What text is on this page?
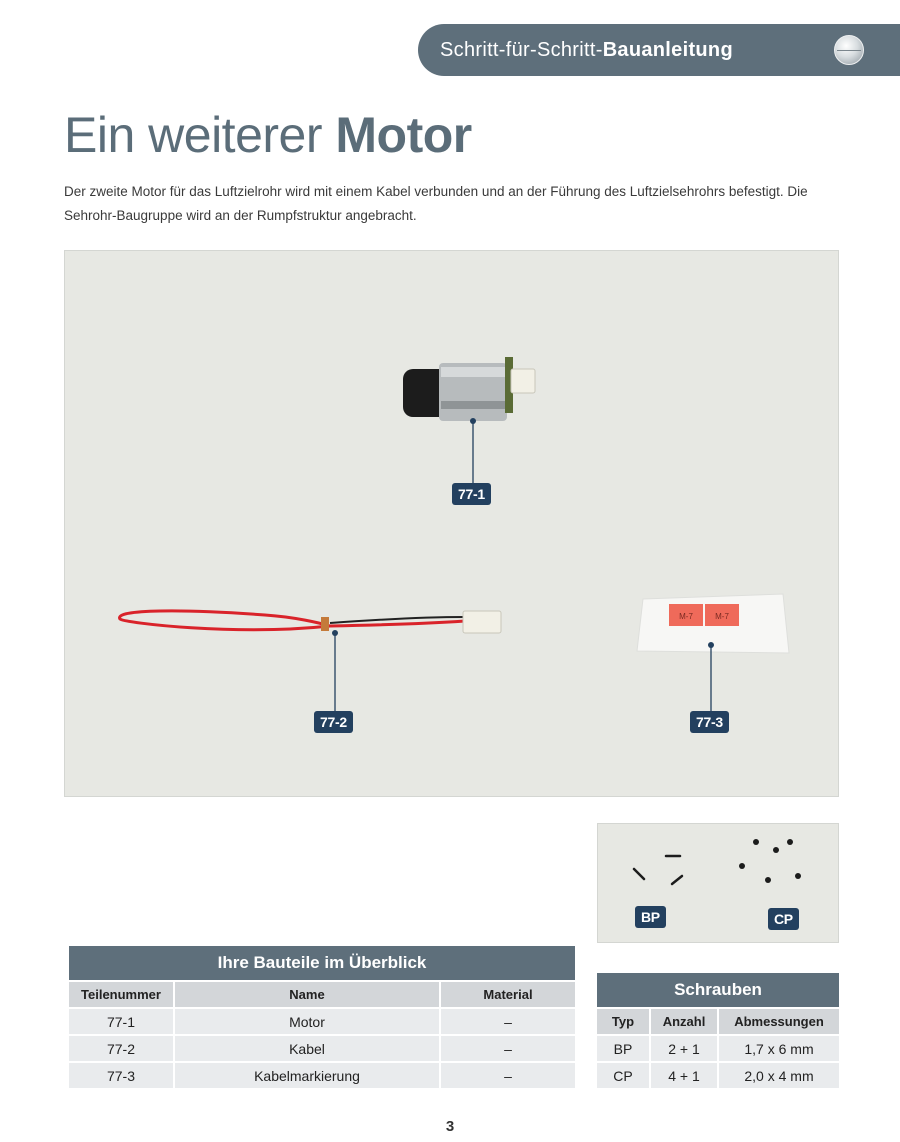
Schritt-für-Schritt- Bauanleitung
Ein weiterer Motor

Der zweite Motor für das Luftzielrohr wird mit einem Kabel verbunden und an der Führung des Luftzielsehrohrs befestigt. Die Sehrohr-Baugruppe wird an der Rumpfstruktur angebracht.

M-7	M-7
77-1
77-2	77-3
BP	CP
Ihre Bauteile im Überblick		
Teilenummer	Name	Material
77-1	Motor	–
77-2	Kabel	–
77-3	Kabelmarkierung	–
Schrauben		
Typ	Anzahl	Abmessungen
BP	2 + 1	1,7 x 6 mm
CP	4 + 1	2,0 x 4 mm
3
